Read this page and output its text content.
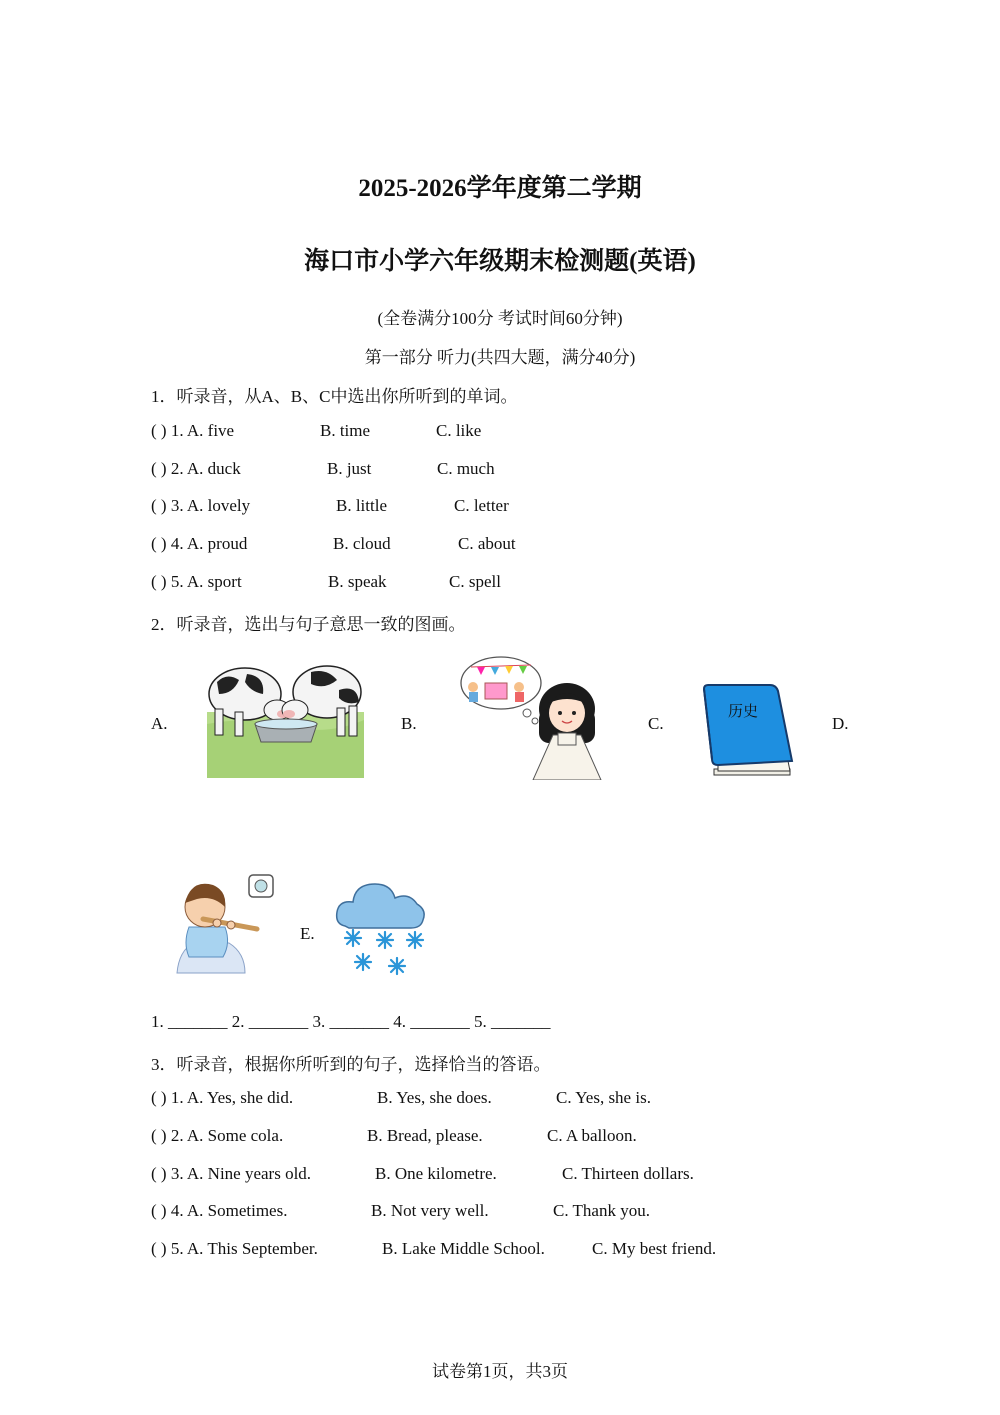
2025-2026学年度第二学期
海口市小学六年级期末检测题(英语)
(全卷满分100分 考试时间60分钟)
第一部分 听力(共四大题，满分40分)
1．听录音，从A、B、C中选出你所听到的单词。
( ) 1. A. five	B. time	C. like
( ) 2. A. duck	B. just	C. much
( ) 3. A. lovely	B. little	C. letter
( ) 4. A. proud	B. cloud	C. about
( ) 5. A. sport	B. speak	C. spell
2．听录音，选出与句子意思一致的图画。
A.	B.	C.	D.
E.
历史
1. _______ 2. _______ 3. _______ 4. _______ 5. _______
3．听录音，根据你所听到的句子，选择恰当的答语。
( ) 1. A. Yes, she did.	B. Yes, she does.	C. Yes, she is.
( ) 2. A. Some cola.	B. Bread, please.	C. A balloon.
( ) 3. A. Nine years old.	B. One kilometre.	C. Thirteen dollars.
( ) 4. A. Sometimes.	B. Not very well.	C. Thank you.
( ) 5. A. This September.	B. Lake Middle School.	C. My best friend.
试卷第1页，共3页
